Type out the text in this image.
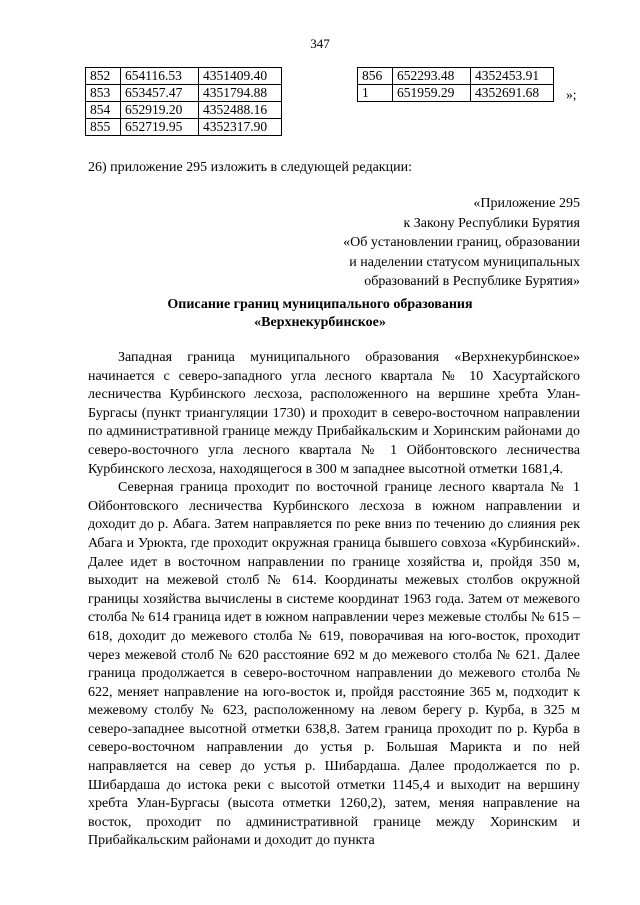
347
852	654116.53	4351409.40
853	653457.47	4351794.88
854	652919.20	4352488.16
855	652719.95	4352317.90
856	652293.48	4352453.91
1	651959.29	4352691.68 »;
26) приложение 295 изложить в следующей редакции:
«Приложение 295
к Закону Республики Бурятия
«Об установлении границ, образовании
и наделении статусом муниципальных
образований в Республике Бурятия»
Описание границ муниципального образования
«Верхнекурбинское»

Западная граница муниципального образования «Верхнекурбинское» начинается с северо-западного угла лесного квартала № 10 Хасуртайского лесничества Курбинского лесхоза, расположенного на вершине хребта Улан-Бургасы (пункт триангуляции 1730) и проходит в северо-восточном направлении по административной границе между Прибайкальским и Хоринским районами до северо-восточного угла лесного квартала № 1 Ойбонтовского лесничества Курбинского лесхоза, находящегося в 300 м западнее высотной отметки 1681,4.

Северная граница проходит по восточной границе лесного квартала № 1 Ойбонтовского лесничества Курбинского лесхоза в южном направлении и доходит до р. Абага. Затем направляется по реке вниз по течению до слияния рек Абага и Урюкта, где проходит окружная граница бывшего совхоза «Курбинский». Далее идет в восточном направлении по границе хозяйства и, пройдя 350 м, выходит на межевой столб № 614. Координаты межевых столбов окружной границы хозяйства вычислены в системе координат 1963 года. Затем от межевого столба № 614 граница идет в южном направлении через межевые столбы № 615 – 618, доходит до межевого столба № 619, поворачивая на юго-восток, проходит через межевой столб № 620 расстояние 692 м до межевого столба № 621. Далее граница продолжается в северо-восточном направлении до межевого столба № 622, меняет направление на юго-восток и, пройдя расстояние 365 м, подходит к межевому столбу № 623, расположенному на левом берегу р. Курба, в 325 м северо-западнее высотной отметки 638,8. Затем граница проходит по р. Курба в северо-восточном направлении до устья р. Большая Марикта и по ней направляется на север до устья р. Шибардаша. Далее продолжается по р. Шибардаша до истока реки с высотой отметки 1145,4 и выходит на вершину хребта Улан-Бургасы (высота отметки 1260,2), затем, меняя направление на восток, проходит по административной границе между Хоринским и Прибайкальским районами и доходит до пункта
